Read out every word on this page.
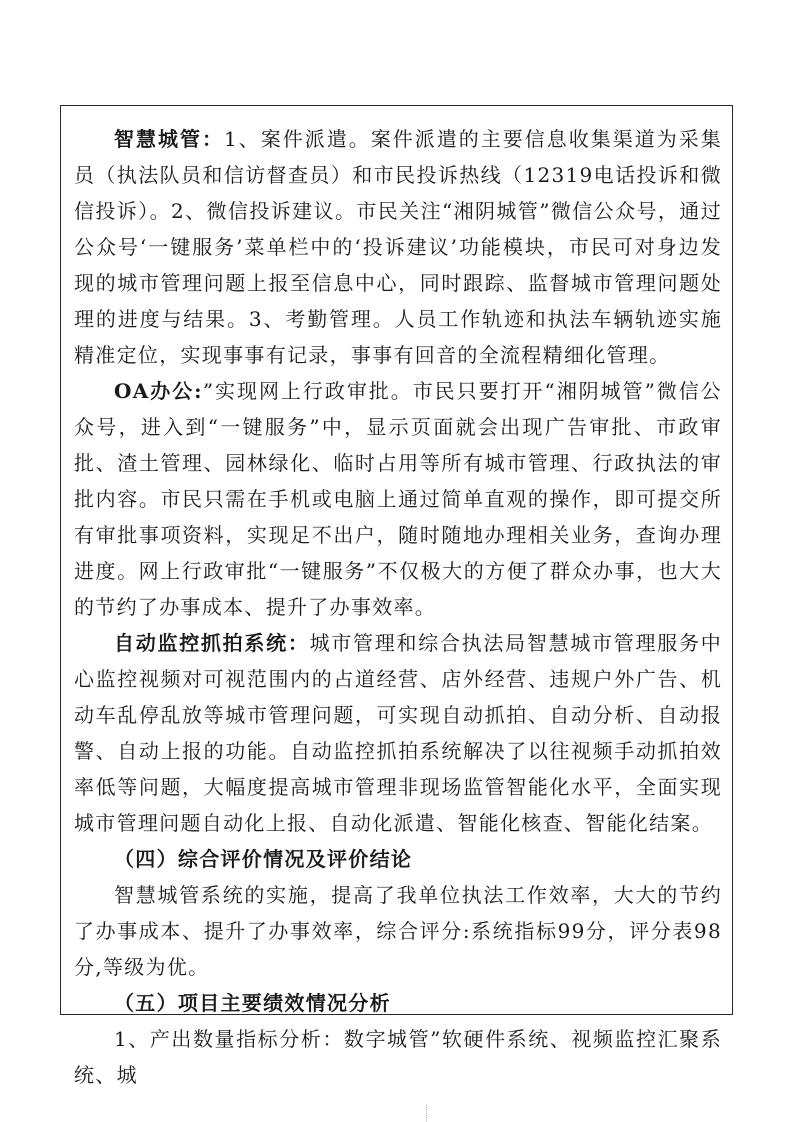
智慧城管：1、案件派遣。案件派遣的主要信息收集渠道为采集员（执法队员和信访督查员）和市民投诉热线（12319电话投诉和微信投诉）。2、微信投诉建议。市民关注“湘阴城管”微信公众号，通过公众号‘一键服务’菜单栏中的‘投诉建议’功能模块，市民可对身边发现的城市管理问题上报至信息中心，同时跟踪、监督城市管理问题处理的进度与结果。3、考勤管理。人员工作轨迹和执法车辆轨迹实施精准定位，实现事事有记录，事事有回音的全流程精细化管理。

OA办公:”实现网上行政审批。市民只要打开“湘阴城管”微信公众号，进入到“一键服务”中，显示页面就会出现广告审批、市政审批、渣土管理、园林绿化、临时占用等所有城市管理、行政执法的审批内容。市民只需在手机或电脑上通过简单直观的操作，即可提交所有审批事项资料，实现足不出户，随时随地办理相关业务，查询办理进度。网上行政审批“一键服务”不仅极大的方便了群众办事，也大大的节约了办事成本、提升了办事效率。

自动监控抓拍系统：城市管理和综合执法局智慧城市管理服务中心监控视频对可视范围内的占道经营、店外经营、违规户外广告、机动车乱停乱放等城市管理问题，可实现自动抓拍、自动分析、自动报警、自动上报的功能。自动监控抓拍系统解决了以往视频手动抓拍效率低等问题，大幅度提高城市管理非现场监管智能化水平，全面实现城市管理问题自动化上报、自动化派遣、智能化核查、智能化结案。

（四）综合评价情况及评价结论

智慧城管系统的实施，提高了我单位执法工作效率，大大的节约了办事成本、提升了办事效率，综合评分:系统指标99分，评分表98分,等级为优。

（五）项目主要绩效情况分析

1、产出数量指标分析：数字城管”软硬件系统、视频监控汇聚系统、城
